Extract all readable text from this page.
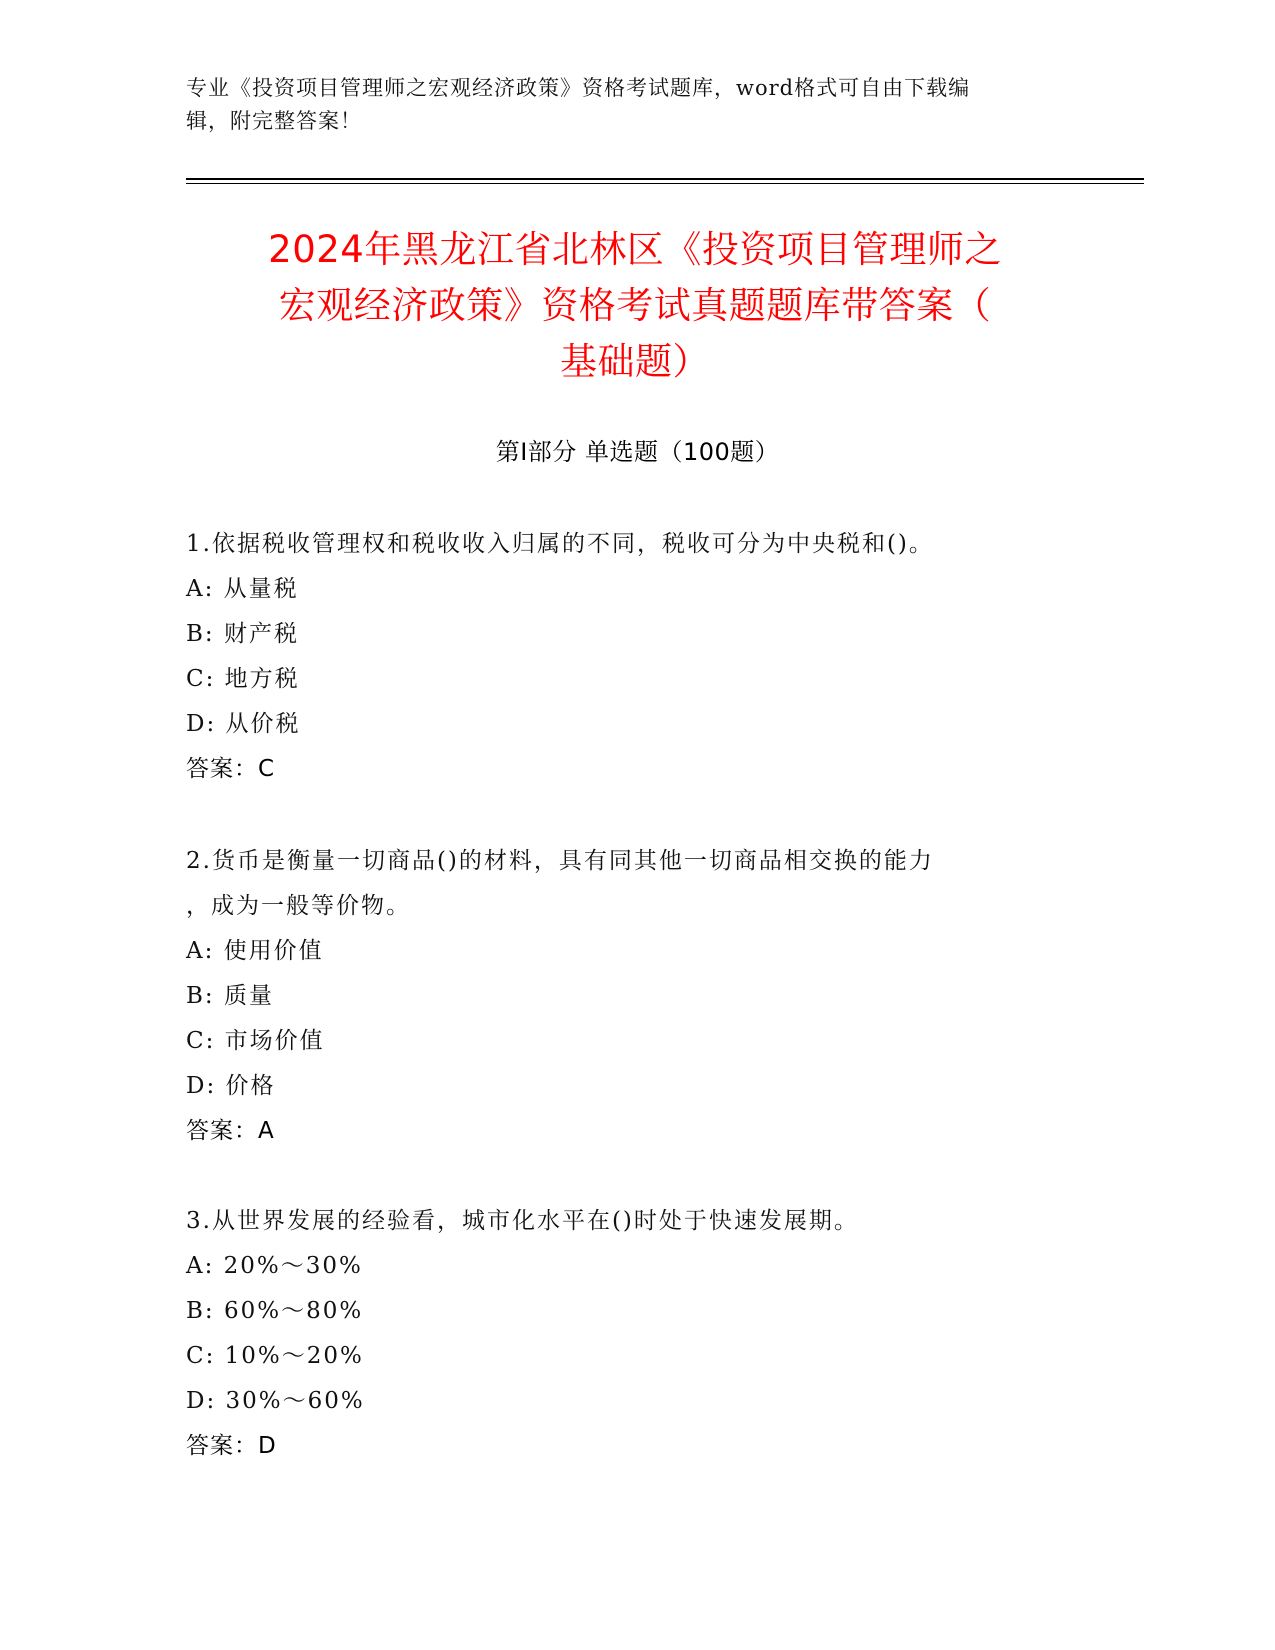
专业《投资项目管理师之宏观经济政策》资格考试题库，word格式可自由下载编
辑，附完整答案！
2024年黑龙江省北林区《投资项目管理师之
宏观经济政策》资格考试真题题库带答案（
基础题）
第Ⅰ部分 单选题（100题）
1.依据税收管理权和税收收入归属的不同，税收可分为中央税和()。
A: 从量税
B: 财产税
C: 地方税
D: 从价税
答案：C
2.货币是衡量一切商品()的材料，具有同其他一切商品相交换的能力
，成为一般等价物。
A: 使用价值
B: 质量
C: 市场价值
D: 价格
答案：A
3.从世界发展的经验看，城市化水平在()时处于快速发展期。
A: 20%～30%
B: 60%～80%
C: 10%～20%
D: 30%～60%
答案：D
